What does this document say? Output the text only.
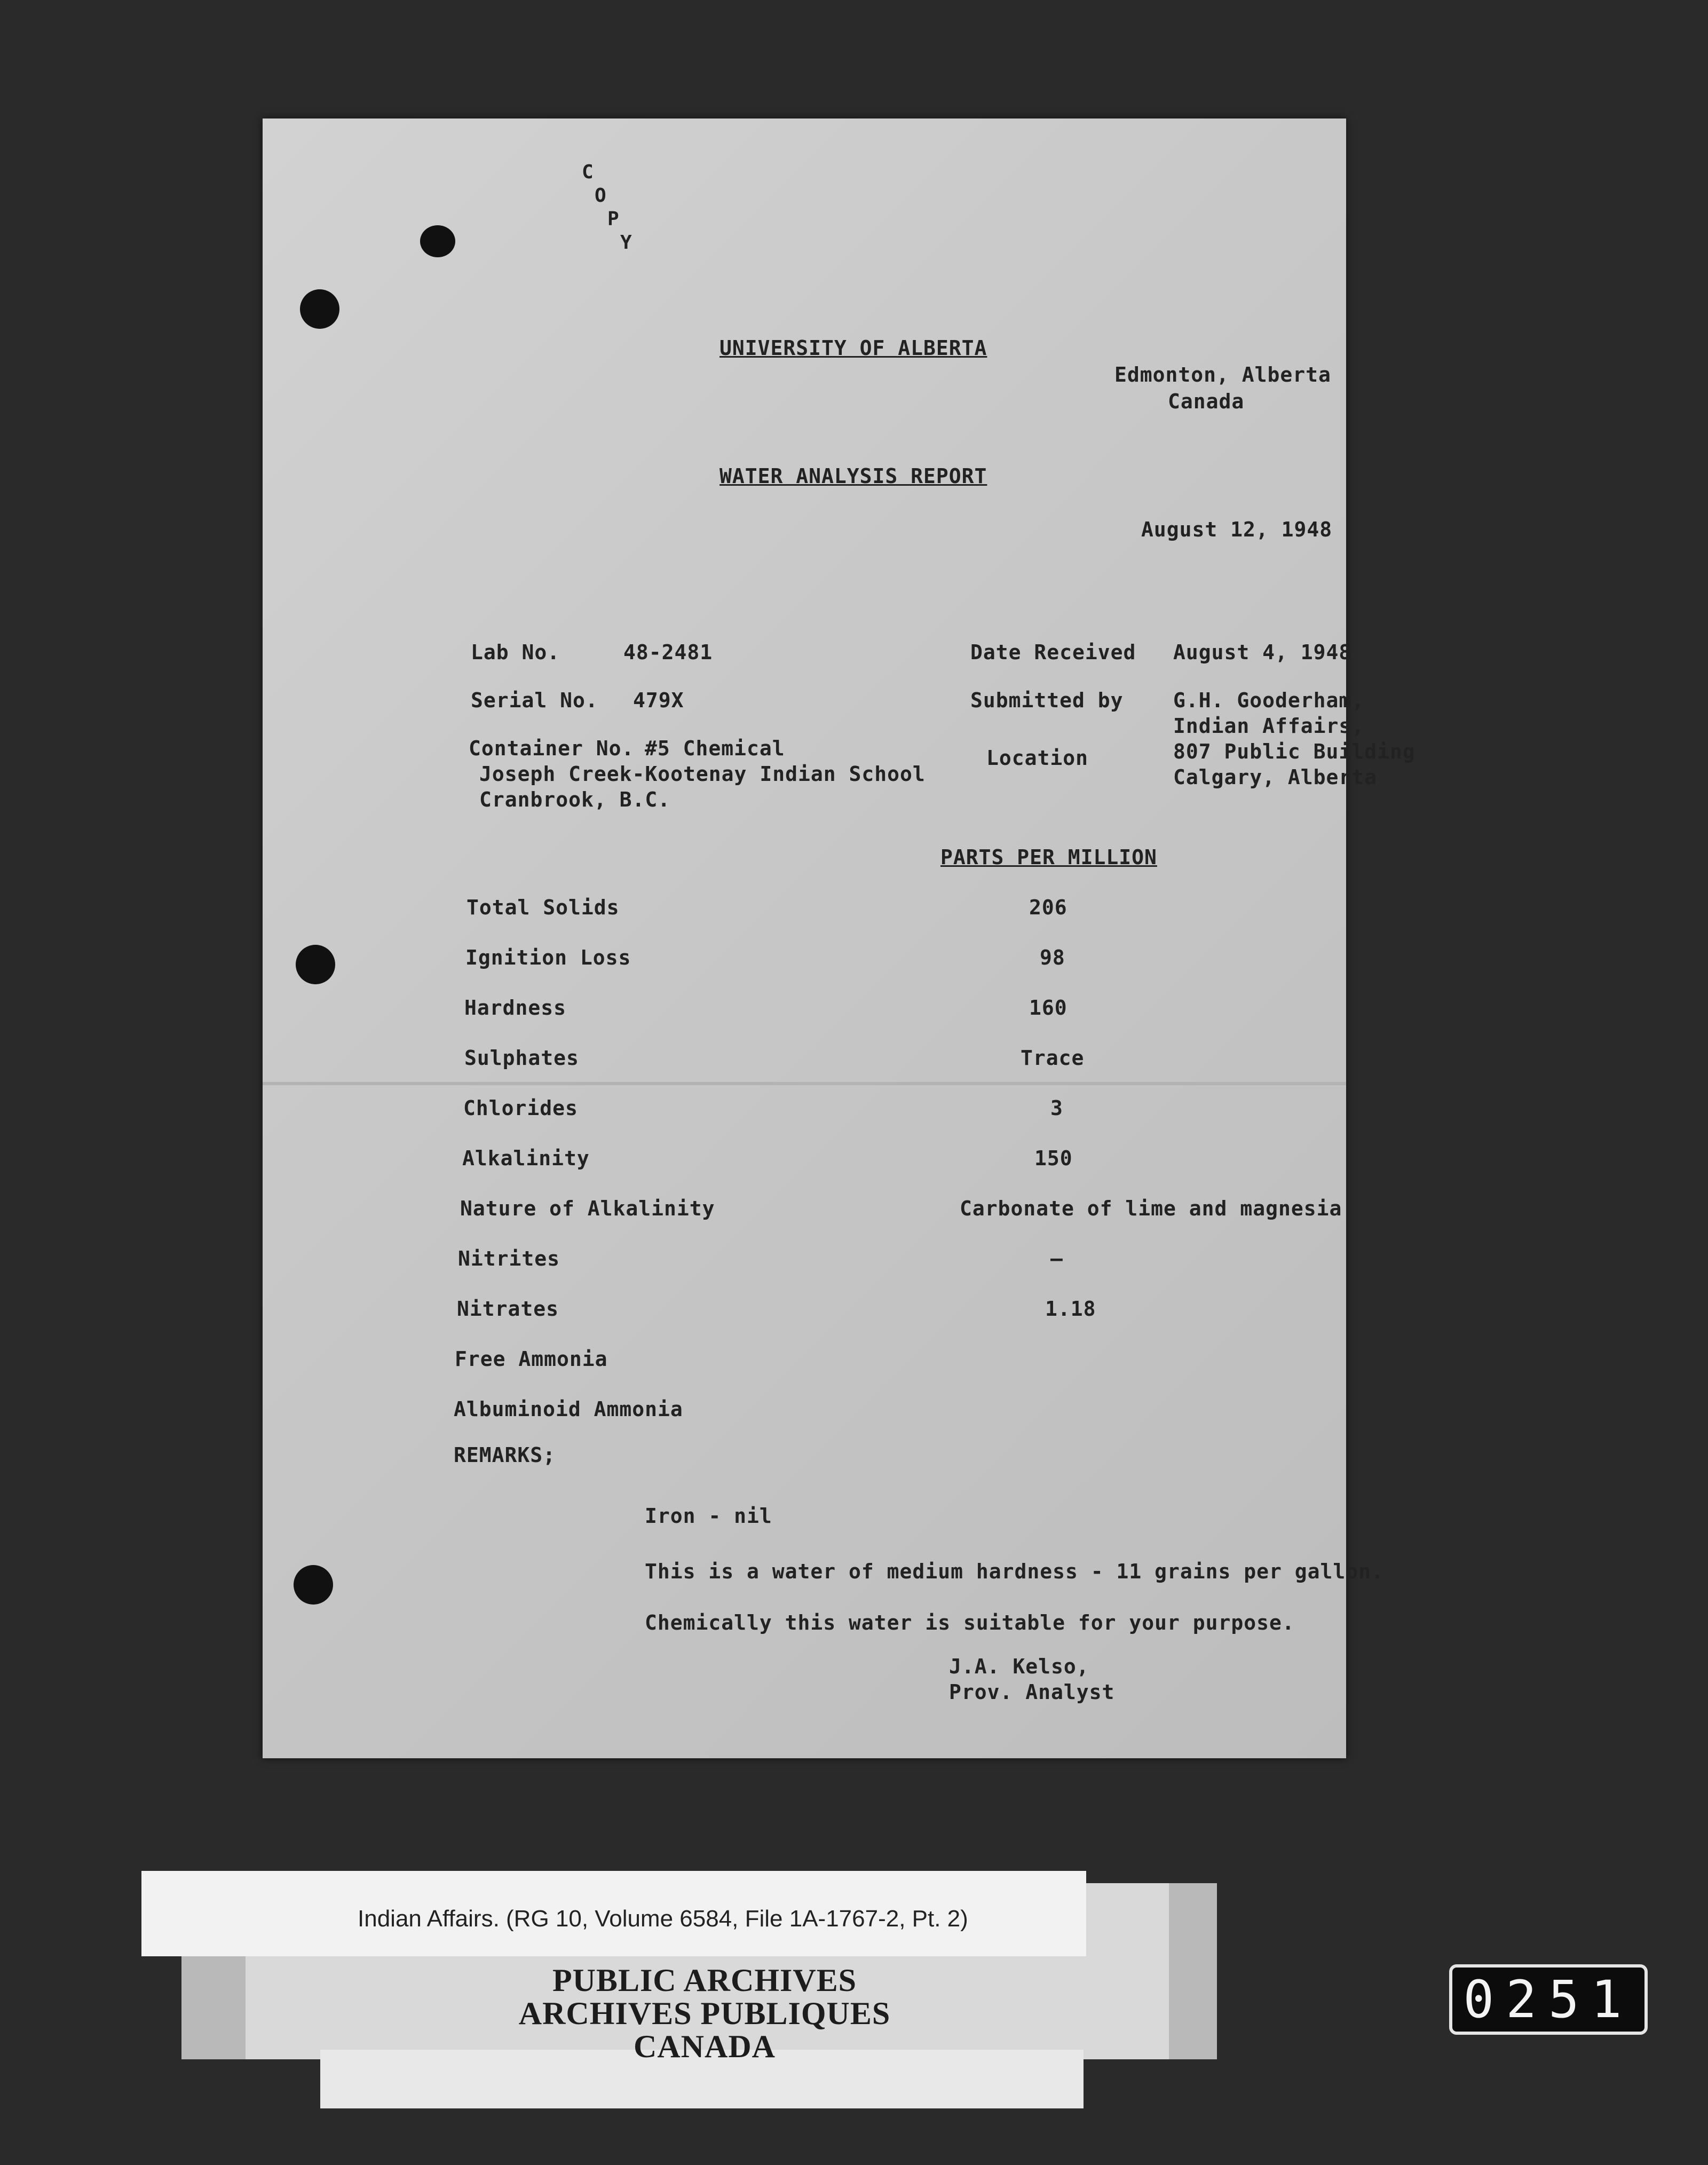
C
O
P
Y
UNIVERSITY OF ALBERTA
Edmonton, Alberta
Canada
WATER ANALYSIS REPORT
August 12, 1948
Lab No.	48-2481
Serial No. 479X
Container No. #5 Chemical
Joseph Creek-Kootenay Indian School
Cranbrook, B.C.
Date Received August 4, 1948
Submitted by G.H. Gooderham,
Indian Affairs,
Location	807 Public Building
Calgary, Alberta
PARTS PER MILLION
Total Solids	206
Ignition Loss	98
Hardness	160
Sulphates	Trace
Chlorides	3
Alkalinity	150
Nature of Alkalinity	Carbonate of lime and magnesia
Nitrites	—
Nitrates	1.18
Free Ammonia
Albuminoid Ammonia
REMARKS;
Iron - nil
This is a water of medium hardness - 11 grains per gallon.
Chemically this water is suitable for your purpose.
J.A. Kelso,
Prov. Analyst
Indian Affairs. (RG 10, Volume 6584, File 1A-1767-2, Pt. 2)
PUBLIC ARCHIVES
ARCHIVES PUBLIQUES
CANADA
0251
